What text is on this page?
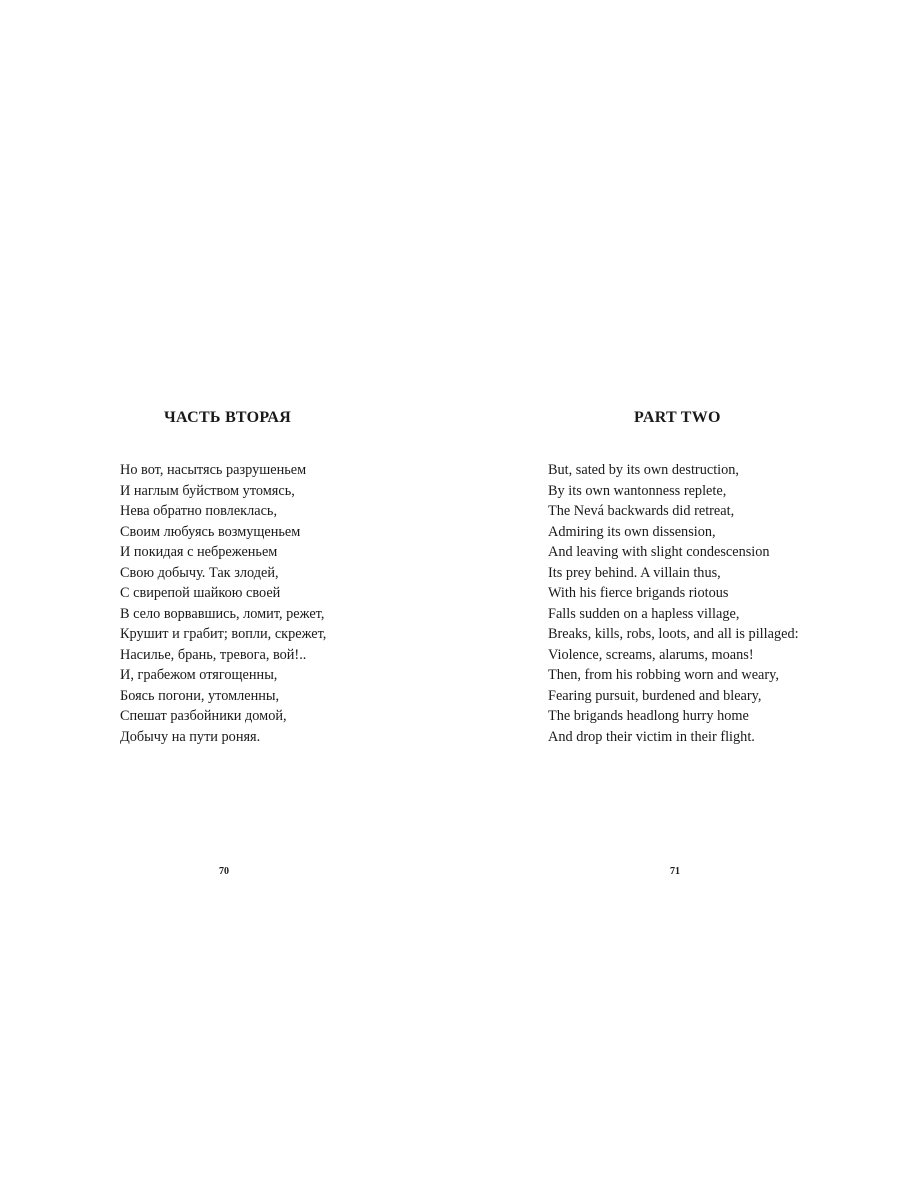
ЧАСТЬ ВТОРАЯ
Но вот, насытясь разрушеньем
И наглым буйством утомясь,
Нева обратно повлеклась,
Своим любуясь возмущеньем
И покидая с небреженьем
Свою добычу. Так злодей,
С свирепой шайкою своей
В село ворвавшись, ломит, режет,
Крушит и грабит; вопли, скрежет,
Насилье, брань, тревога, вой!..
И, грабежом отягощенны,
Боясь погони, утомленны,
Спешат разбойники домой,
Добычу на пути роняя.
70
PART TWO
But, sated by its own destruction,
By its own wantonness replete,
The Nevá backwards did retreat,
Admiring its own dissension,
And leaving with slight condescension
Its prey behind. A villain thus,
With his fierce brigands riotous
Falls sudden on a hapless village,
Breaks, kills, robs, loots, and all is pillaged:
Violence, screams, alarums, moans!
Then, from his robbing worn and weary,
Fearing pursuit, burdened and bleary,
The brigands headlong hurry home
And drop their victim in their flight.
71
